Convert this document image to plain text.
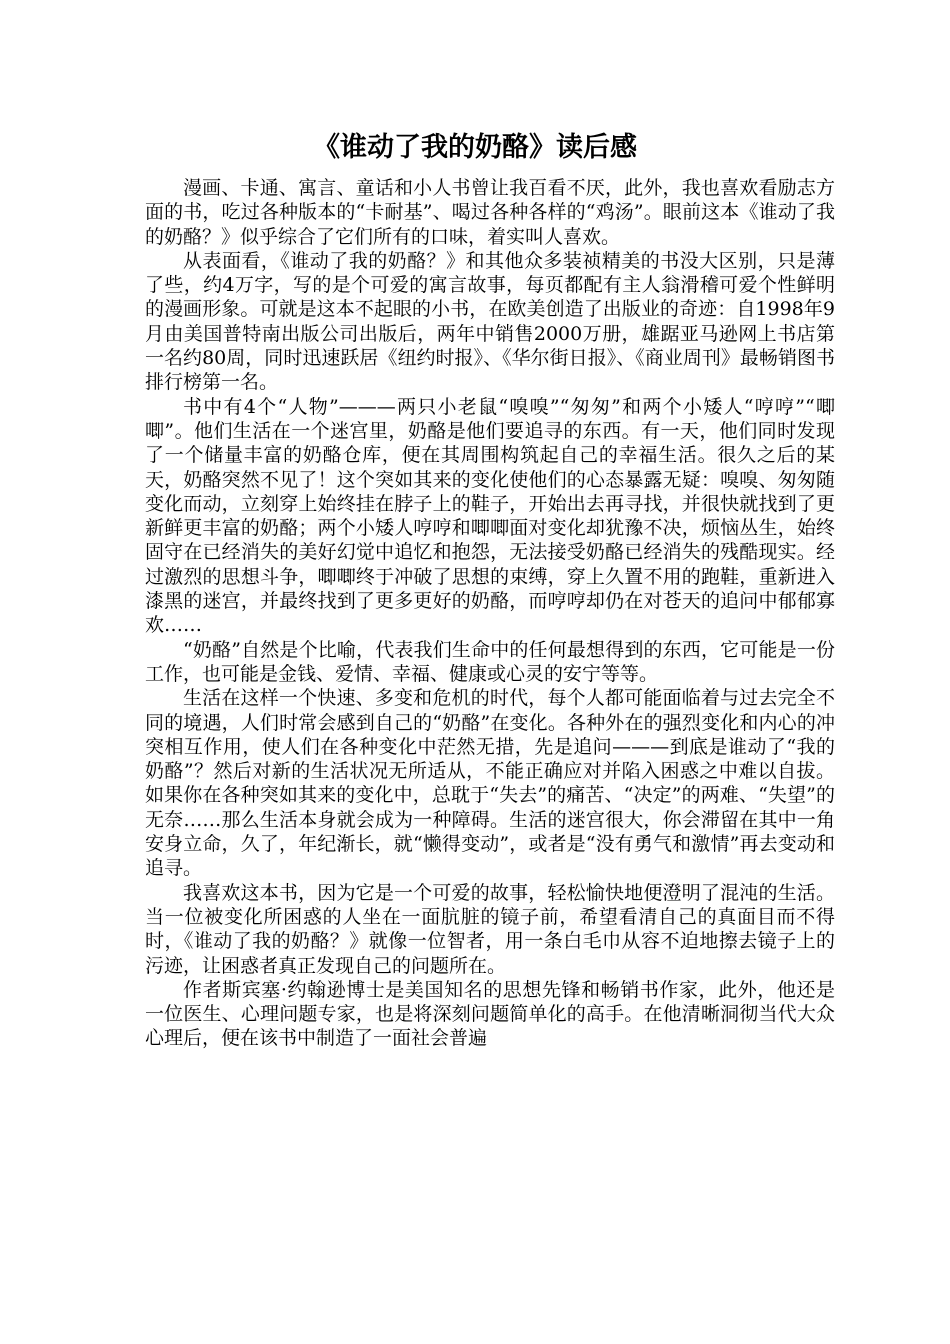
《谁动了我的奶酪》读后感

漫画、卡通、寓言、童话和小人书曾让我百看不厌，此外，我也喜欢看励志方面的书，吃过各种版本的“卡耐基”、喝过各种各样的“鸡汤”。眼前这本《谁动了我的奶酪？》似乎综合了它们所有的口味，着实叫人喜欢。

从表面看，《谁动了我的奶酪？》和其他众多装祯精美的书没大区别，只是薄了些，约4万字，写的是个可爱的寓言故事，每页都配有主人翁滑稽可爱个性鲜明的漫画形象。可就是这本不起眼的小书，在欧美创造了出版业的奇迹：自1998年9月由美国普特南出版公司出版后，两年中销售2000万册，雄踞亚马逊网上书店第一名约80周，同时迅速跃居《纽约时报》、《华尔街日报》、《商业周刊》最畅销图书排行榜第一名。

书中有4个“人物”———两只小老鼠“嗅嗅”“匆匆”和两个小矮人“哼哼”“唧唧”。他们生活在一个迷宫里，奶酪是他们要追寻的东西。有一天，他们同时发现了一个储量丰富的奶酪仓库，便在其周围构筑起自己的幸福生活。很久之后的某天，奶酪突然不见了！这个突如其来的变化使他们的心态暴露无疑：嗅嗅、匆匆随变化而动，立刻穿上始终挂在脖子上的鞋子，开始出去再寻找，并很快就找到了更新鲜更丰富的奶酪；两个小矮人哼哼和唧唧面对变化却犹豫不决，烦恼丛生，始终固守在已经消失的美好幻觉中追忆和抱怨，无法接受奶酪已经消失的残酷现实。经过激烈的思想斗争，唧唧终于冲破了思想的束缚，穿上久置不用的跑鞋，重新进入漆黑的迷宫，并最终找到了更多更好的奶酪，而哼哼却仍在对苍天的追问中郁郁寡欢……

“奶酪”自然是个比喻，代表我们生命中的任何最想得到的东西，它可能是一份工作，也可能是金钱、爱情、幸福、健康或心灵的安宁等等。

生活在这样一个快速、多变和危机的时代，每个人都可能面临着与过去完全不同的境遇，人们时常会感到自己的“奶酪”在变化。各种外在的强烈变化和内心的冲突相互作用，使人们在各种变化中茫然无措，先是追问———到底是谁动了“我的奶酪”？然后对新的生活状况无所适从，不能正确应对并陷入困惑之中难以自拔。如果你在各种突如其来的变化中，总耽于“失去”的痛苦、“决定”的两难、“失望”的无奈……那么生活本身就会成为一种障碍。生活的迷宫很大，你会滞留在其中一角安身立命，久了，年纪渐长，就“懒得变动”，或者是“没有勇气和激情”再去变动和追寻。

我喜欢这本书，因为它是一个可爱的故事，轻松愉快地便澄明了混沌的生活。当一位被变化所困惑的人坐在一面肮脏的镜子前，希望看清自己的真面目而不得时，《谁动了我的奶酪？》就像一位智者，用一条白毛巾从容不迫地擦去镜子上的污迹，让困惑者真正发现自己的问题所在。

作者斯宾塞·约翰逊博士是美国知名的思想先锋和畅销书作家，此外，他还是一位医生、心理问题专家，也是将深刻问题简单化的高手。在他清晰洞彻当代大众心理后，便在该书中制造了一面社会普遍
